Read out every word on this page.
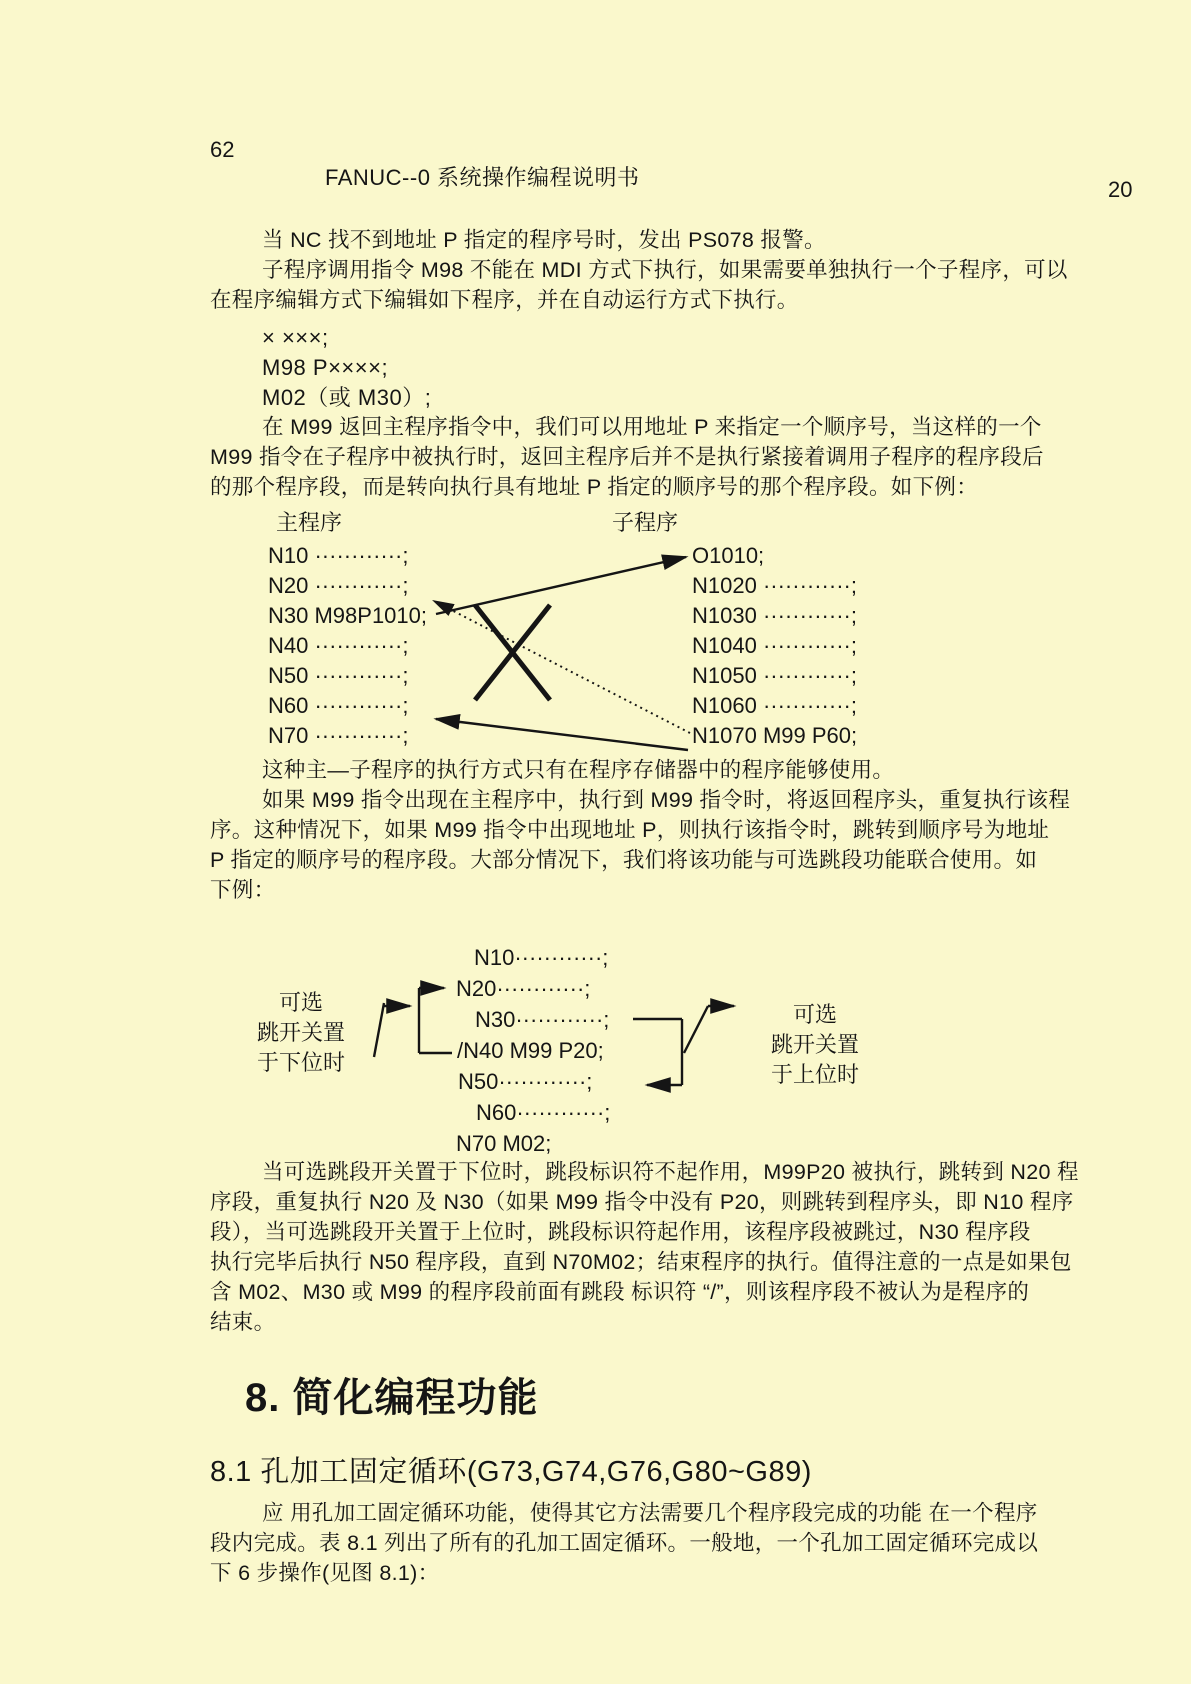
62
FANUC--0 系统操作编程说明书	20
当 NC 找不到地址 P 指定的程序号时，发出 PS078 报警。
子程序调用指令 M98 不能在 MDI 方式下执行，如果需要单独执行一个子程序，可以
在程序编辑方式下编辑如下程序，并在自动运行方式下执行。
× ×××;
M98 P××××;
M02（或 M30）;
在 M99 返回主程序指令中，我们可以用地址 P 来指定一个顺序号，当这样的一个
M99 指令在子程序中被执行时，返回主程序后并不是执行紧接着调用子程序的程序段后
的那个程序段，而是转向执行具有地址 P 指定的顺序号的那个程序段。如下例：
主程序	子程序
N10 ············;
N20 ············;
N30 M98P1010;
N40 ············;
N50 ············;
N60 ············;
N70 ············;
O1010;
N1020 ············;
N1030 ············;
N1040 ············;
N1050 ············;
N1060 ············;
N1070 M99 P60;
这种主—子程序的执行方式只有在程序存储器中的程序能够使用。
如果 M99 指令出现在主程序中，执行到 M99 指令时，将返回程序头，重复执行该程
序。这种情况下，如果 M99 指令中出现地址 P，则执行该指令时，跳转到顺序号为地址
P 指定的顺序号的程序段。大部分情况下，我们将该功能与可选跳段功能联合使用。如
下例：
可选
跳开关置
于下位时
N10············;
N20············;
N30············;
/N40 M99 P20;
N50············;
N60············;
N70 M02;
可选
跳开关置
于上位时
当可选跳段开关置于下位时，跳段标识符不起作用，M99P20 被执行，跳转到 N20 程
序段，重复执行 N20 及 N30（如果 M99 指令中没有 P20，则跳转到程序头，即 N10 程序
段），当可选跳段开关置于上位时，跳段标识符起作用，该程序段被跳过，N30 程序段
执行完毕后执行 N50 程序段，直到 N70M02；结束程序的执行。值得注意的一点是如果包
含 M02、M30 或 M99 的程序段前面有跳段 标识符 “/”，则该程序段不被认为是程序的
结束。
8. 简化编程功能
8.1 孔加工固定循环(G73,G74,G76,G80~G89)
应 用孔加工固定循环功能，使得其它方法需要几个程序段完成的功能 在一个程序
段内完成。表 8.1 列出了所有的孔加工固定循环。一般地，一个孔加工固定循环完成以
下 6 步操作(见图 8.1)：
